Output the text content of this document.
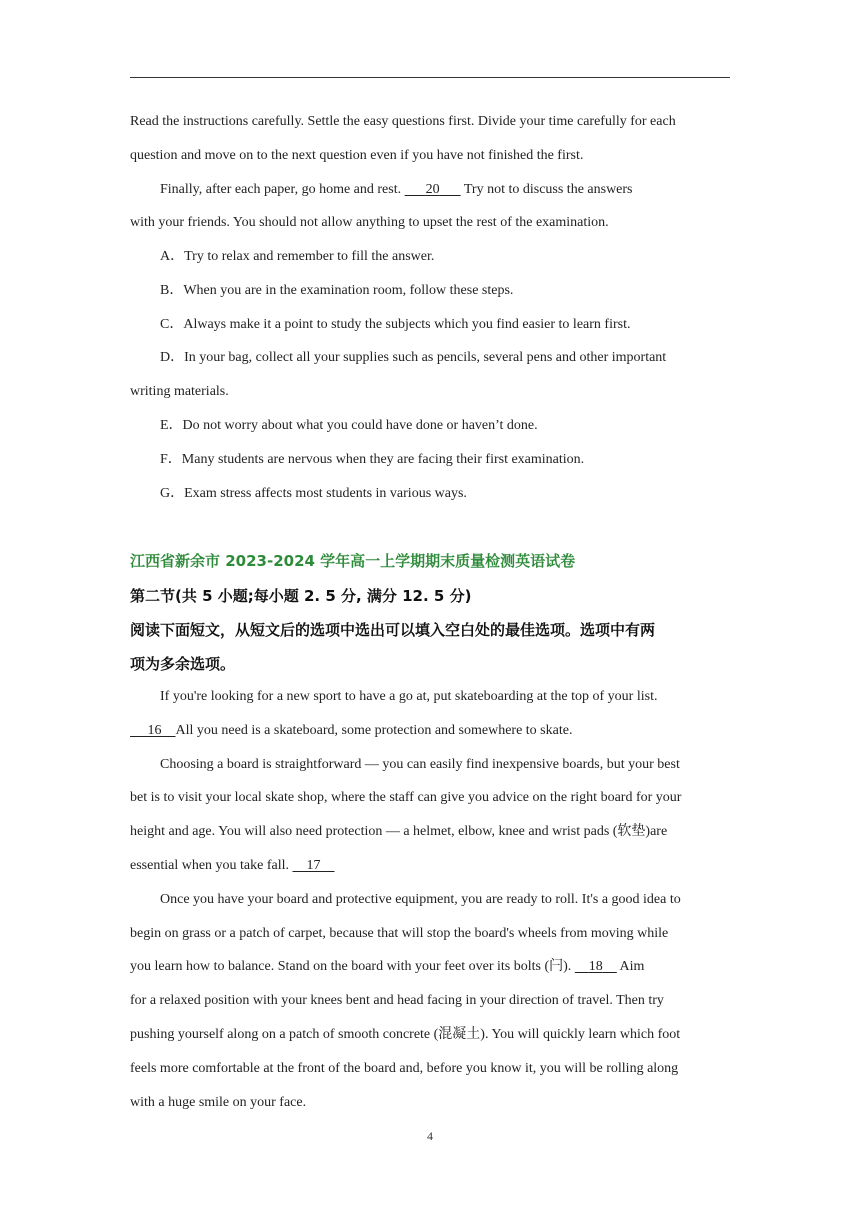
Read the instructions carefully. Settle the easy questions first. Divide your time carefully for each
question and move on to the next question even if you have not finished the first.
Finally, after each paper, go home and rest. 20 Try not to discuss the answers
with your friends. You should not allow anything to upset the rest of the examination.
A．Try to relax and remember to fill the answer.
B．When you are in the examination room, follow these steps.
C．Always make it a point to study the subjects which you find easier to learn first.
D．In your bag, collect all your supplies such as pencils, several pens and other important
writing materials.
E．Do not worry about what you could have done or haven’t done.
F．Many students are nervous when they are facing their first examination.
G．Exam stress affects most students in various ways.
江西省新余市 2023-2024 学年高一上学期期末质量检测英语试卷
第二节(共 5 小题;每小题 2. 5 分, 满分 12. 5 分)
阅读下面短文，从短文后的选项中选出可以填入空白处的最佳选项。选项中有两
项为多余选项。
If you're looking for a new sport to have a go at, put skateboarding at the top of your list.
16 All you need is a skateboard, some protection and somewhere to skate.
Choosing a board is straightforward — you can easily find inexpensive boards, but your best
bet is to visit your local skate shop, where the staff can give you advice on the right board for your
height and age. You will also need protection — a helmet, elbow, knee and wrist pads (软垫)are
essential when you take fall. 17
Once you have your board and protective equipment, you are ready to roll. It's a good idea to
begin on grass or a patch of carpet, because that will stop the board's wheels from moving while
you learn how to balance. Stand on the board with your feet over its bolts (闩). 18 Aim
for a relaxed position with your knees bent and head facing in your direction of travel. Then try
pushing yourself along on a patch of smooth concrete (混凝土). You will quickly learn which foot
feels more comfortable at the front of the board and, before you know it, you will be rolling along
with a huge smile on your face.
4
